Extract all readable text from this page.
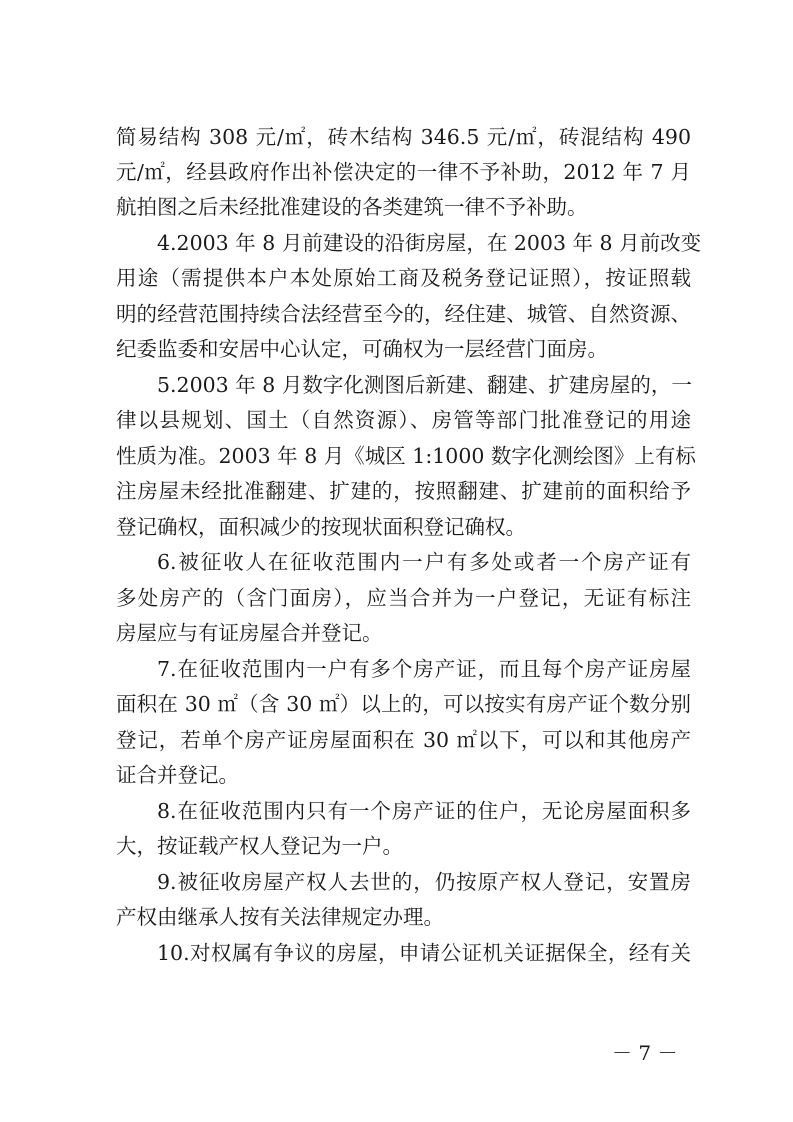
简易结构 308 元/㎡，砖木结构 346.5 元/㎡，砖混结构 490
元/㎡，经县政府作出补偿决定的一律不予补助，2012 年 7 月
航拍图之后未经批准建设的各类建筑一律不予补助。
4.2003 年 8 月前建设的沿街房屋，在 2003 年 8 月前改变
用途（需提供本户本处原始工商及税务登记证照），按证照载
明的经营范围持续合法经营至今的，经住建、城管、自然资源、
纪委监委和安居中心认定，可确权为一层经营门面房。
5.2003 年 8 月数字化测图后新建、翻建、扩建房屋的，一
律以县规划、国土（自然资源）、房管等部门批准登记的用途
性质为准。2003 年 8 月《城区 1:1000 数字化测绘图》上有标
注房屋未经批准翻建、扩建的，按照翻建、扩建前的面积给予
登记确权，面积减少的按现状面积登记确权。
6.被征收人在征收范围内一户有多处或者一个房产证有
多处房产的（含门面房），应当合并为一户登记，无证有标注
房屋应与有证房屋合并登记。
7.在征收范围内一户有多个房产证，而且每个房产证房屋
面积在 30 ㎡（含 30 ㎡）以上的，可以按实有房产证个数分别
登记，若单个房产证房屋面积在 30 ㎡以下，可以和其他房产
证合并登记。
8.在征收范围内只有一个房产证的住户，无论房屋面积多
大，按证载产权人登记为一户。
9.被征收房屋产权人去世的，仍按原产权人登记，安置房
产权由继承人按有关法律规定办理。
10.对权属有争议的房屋，申请公证机关证据保全，经有关
－ 7 －
